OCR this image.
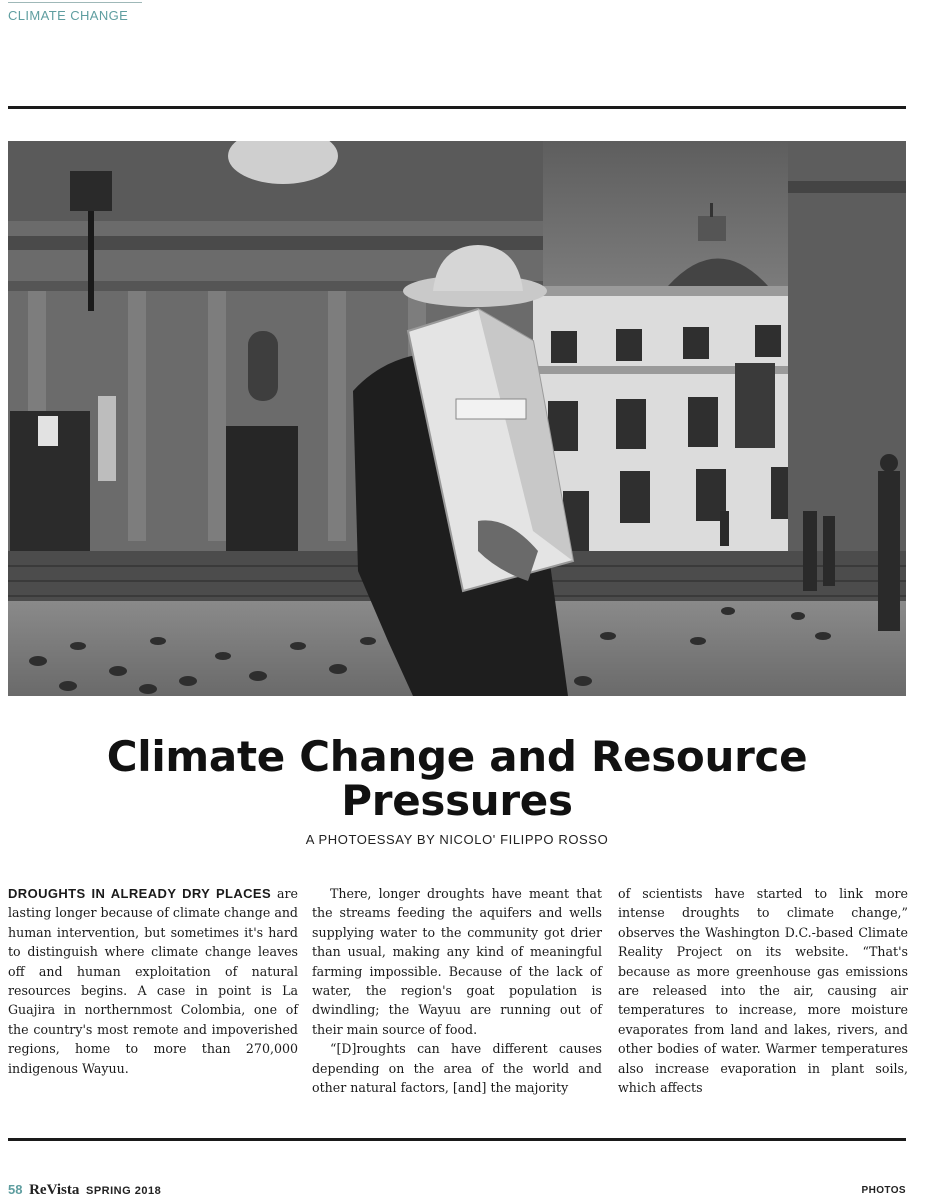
CLIMATE CHANGE
Climate Change and Resource Pressures
A PHOTOESSAY BY NICOLO' FILIPPO ROSSO

DROUGHTS IN ALREADY DRY PLACES are lasting longer because of climate change and human intervention, but sometimes it's hard to distinguish where climate change leaves off and human exploitation of natural resources begins. A case in point is La Guajira in northernmost Colombia, one of the country's most remote and impoverished regions, home to more than 270,000 indigenous Wayuu.

There, longer droughts have meant that the streams feeding the aquifers and wells supplying water to the community got drier than usual, making any kind of meaningful farming impossible. Because of the lack of water, the region's goat population is dwindling; the Wayuu are running out of their main source of food.

“[D]roughts can have different causes depending on the area of the world and other natural factors, [and] the majority

of scientists have started to link more intense droughts to climate change,” observes the Washington D.C.-based Climate Reality Project on its website. “That's because as more greenhouse gas emissions are released into the air, causing air temperatures to increase, more moisture evaporates from land and lakes, rivers, and other bodies of water. Warmer temperatures also increase evaporation in plant soils, which affects

58 ReVista SPRING 2018	PHOTOS
